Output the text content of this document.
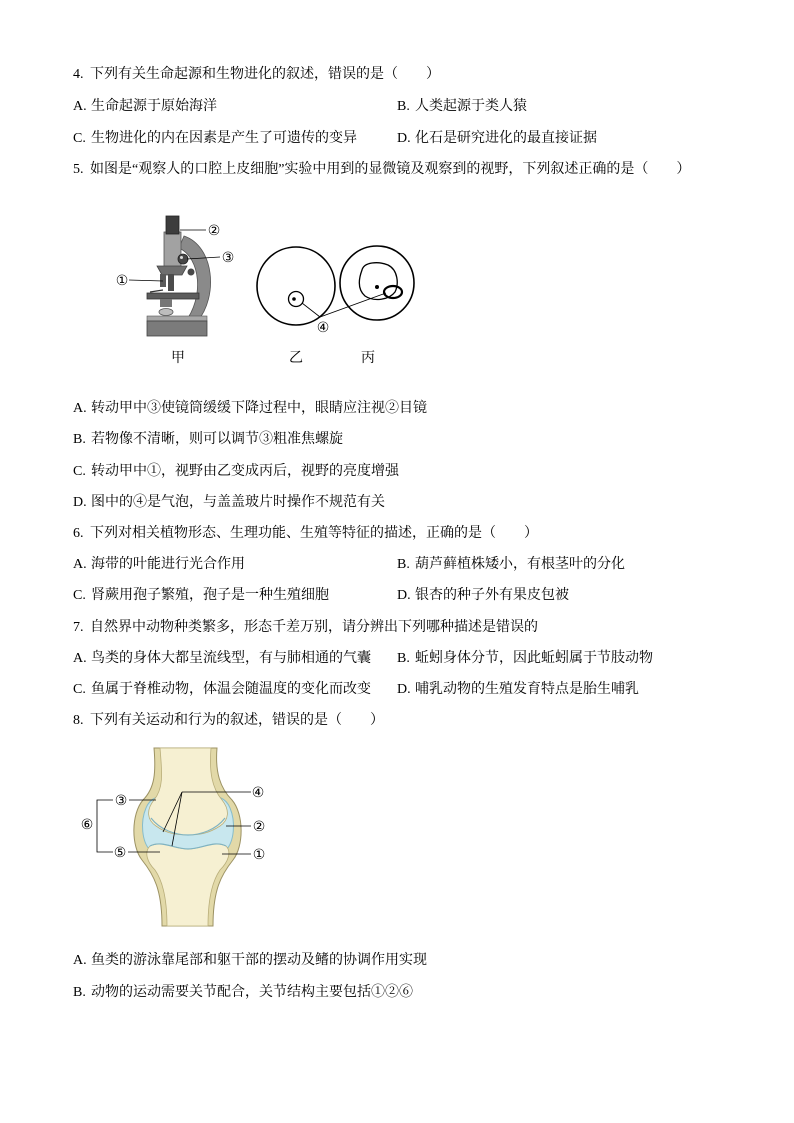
4. 下列有关生命起源和生物进化的叙述，错误的是（　　）
A. 生命起源于原始海洋	B. 人类起源于类人猿
C. 生物进化的内在因素是产生了可遗传的变异	D. 化石是研究进化的最直接证据
5. 如图是“观察人的口腔上皮细胞”实验中用到的显微镜及观察到的视野，下列叙述正确的是（　　）
②
③
①
④
甲	乙	丙
A. 转动甲中③使镜筒缓缓下降过程中，眼睛应注视②目镜
B. 若物像不清晰，则可以调节③粗准焦螺旋
C. 转动甲中①，视野由乙变成丙后，视野的亮度增强
D. 图中的④是气泡，与盖盖玻片时操作不规范有关
6. 下列对相关植物形态、生理功能、生殖等特征的描述，正确的是（　　）
A. 海带的叶能进行光合作用	B. 葫芦藓植株矮小，有根茎叶的分化
C. 肾蕨用孢子繁殖，孢子是一种生殖细胞	D. 银杏的种子外有果皮包被
7. 自然界中动物种类繁多，形态千差万别，请分辨出下列哪种描述是错误的
A. 鸟类的身体大都呈流线型，有与肺相通的气囊 B. 蚯蚓身体分节，因此蚯蚓属于节肢动物
C. 鱼属于脊椎动物，体温会随温度的变化而改变 D. 哺乳动物的生殖发育特点是胎生哺乳
8. 下列有关运动和行为的叙述，错误的是（　　）
③
⑤
⑥
④
②
①
A. 鱼类的游泳靠尾部和躯干部的摆动及鳍的协调作用实现
B. 动物的运动需要关节配合，关节结构主要包括①②⑥
